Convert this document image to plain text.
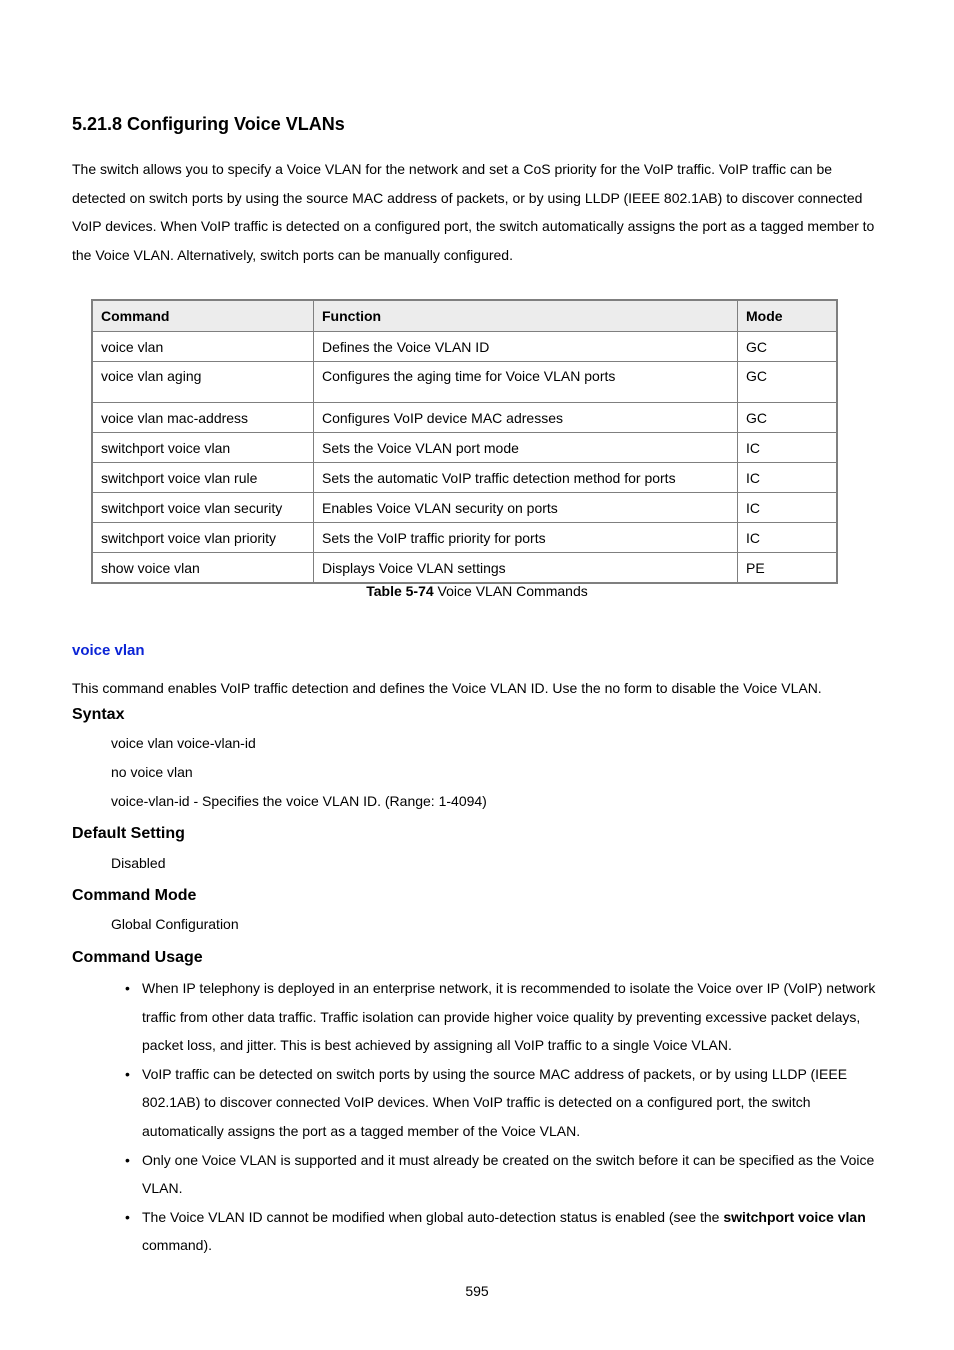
5.21.8 Configuring Voice VLANs

The switch allows you to specify a Voice VLAN for the network and set a CoS priority for the VoIP traffic. VoIP traffic can be detected on switch ports by using the source MAC address of packets, or by using LLDP (IEEE 802.1AB) to discover connected VoIP devices. When VoIP traffic is detected on a configured port, the switch automatically assigns the port as a tagged member to the Voice VLAN. Alternatively, switch ports can be manually configured.

Command	Function	Mode
voice vlan	Defines the Voice VLAN ID	GC
voice vlan aging	Configures the aging time for Voice VLAN ports	GC
voice vlan mac-address	Configures VoIP device MAC adresses	GC
switchport voice vlan	Sets the Voice VLAN port mode	IC
switchport voice vlan rule	Sets the automatic VoIP traffic detection method for ports	IC
switchport voice vlan security	Enables Voice VLAN security on ports	IC
switchport voice vlan priority	Sets the VoIP traffic priority for ports	IC
show voice vlan	Displays Voice VLAN settings	PE
Table 5-74 Voice VLAN Commands
voice vlan

This command enables VoIP traffic detection and defines the Voice VLAN ID. Use the no form to disable the Voice VLAN.

Syntax

voice vlan voice-vlan-id

no voice vlan

voice-vlan-id - Specifies the voice VLAN ID. (Range: 1-4094)

Default Setting

Disabled

Command Mode

Global Configuration

Command Usage
• When IP telephony is deployed in an enterprise network, it is recommended to isolate the Voice over IP (VoIP) network traffic from other data traffic. Traffic isolation can provide higher voice quality by preventing excessive packet delays, packet loss, and jitter. This is best achieved by assigning all VoIP traffic to a single Voice VLAN.
• VoIP traffic can be detected on switch ports by using the source MAC address of packets, or by using LLDP (IEEE 802.1AB) to discover connected VoIP devices. When VoIP traffic is detected on a configured port, the switch automatically assigns the port as a tagged member of the Voice VLAN.
• Only one Voice VLAN is supported and it must already be created on the switch before it can be specified as the Voice VLAN.
• The Voice VLAN ID cannot be modified when global auto-detection status is enabled (see the switchport voice vlan command).
595
